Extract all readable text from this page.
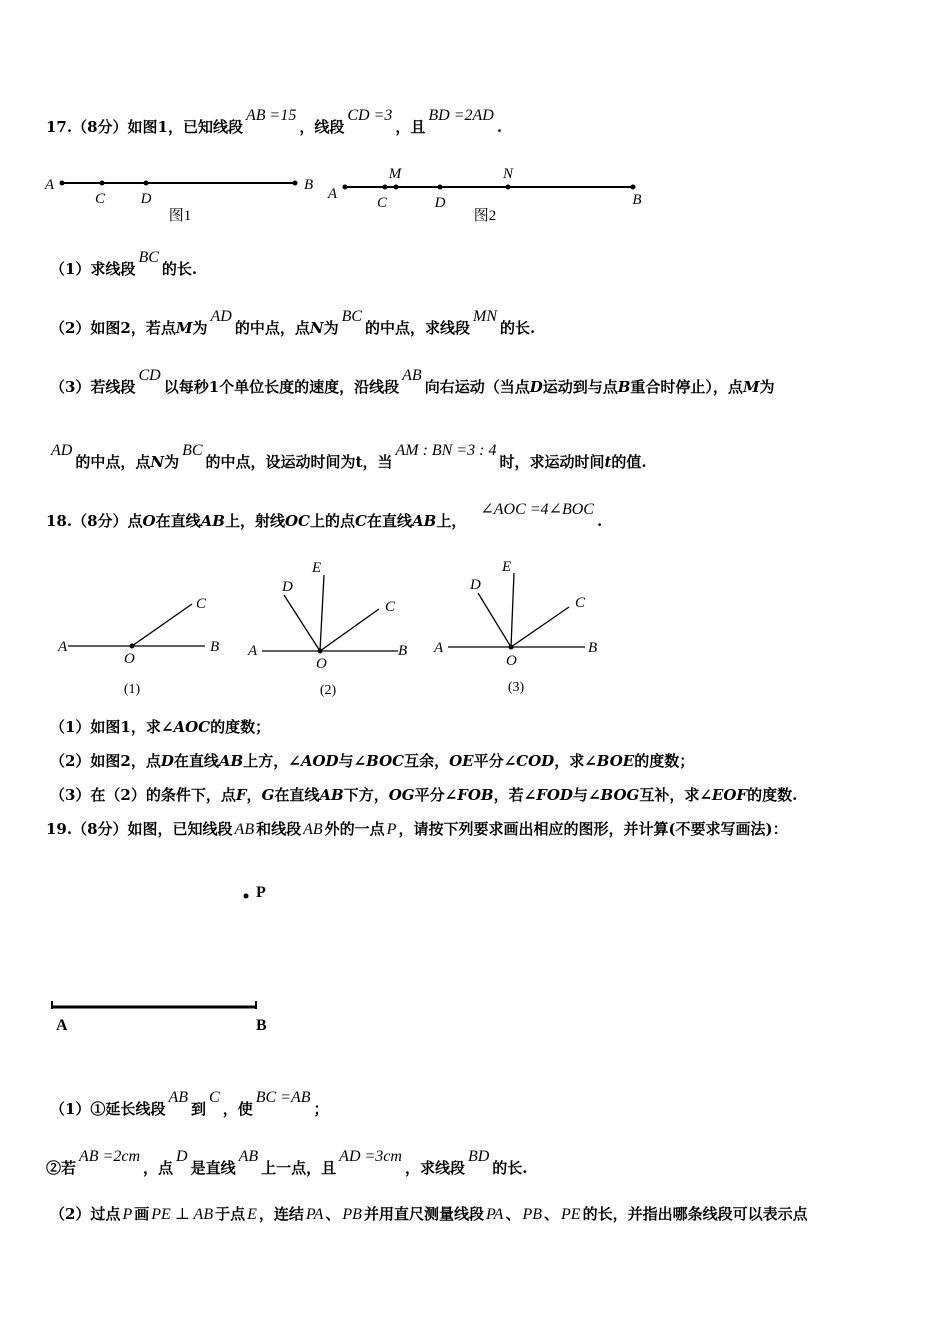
17.（8分）如图1，已知线段AB =15，线段CD =3，且BD =2AD.
A
C D
B
图1
A
M
C	D
N
B
图2
（1）求线段BC的长.
（2）如图2，若点M为AD的中点，点N为BC的中点，求线段MN的长.
（3）若线段CD以每秒1个单位长度的速度，沿线段AB向右运动（当点D运动到与点B重合时停止），点M为
AD的中点，点N为BC的中点，设运动时间为t，当AM : BN =3 : 4时，求运动时间t的值.
18.（8分）点O在直线AB上，射线OC上的点C在直线AB上，∠AOC =4∠BOC.
A
O
B
C
(1)
A
O
B
C
D
E
(2)
A
O
B
C
D
E
(3)
（1）如图1，求∠AOC的度数；
（2）如图2，点D在直线AB上方，∠AOD与∠BOC互余，OE平分∠COD，求∠BOE的度数；
（3）在（2）的条件下，点F，G在直线AB下方，OG平分∠FOB，若∠FOD与∠BOG互补，求∠EOF的度数.
19.（8分）如图，已知线段 AB 和线段 AB 外的一点 P ，请按下列要求画出相应的图形，并计算(不要求写画法)：
P
A	B
（1）①延长线段AB到C，使BC =AB；
②若AB =2cm，点D是直线AB上一点，且AD =3cm，求线段BD的长.
（2）过点 P 画 PE ⊥ AB 于点 E ，连结 PA 、 PB 并用直尺测量线段 PA 、 PB 、 PE 的长，并指出哪条线段可以表示点
